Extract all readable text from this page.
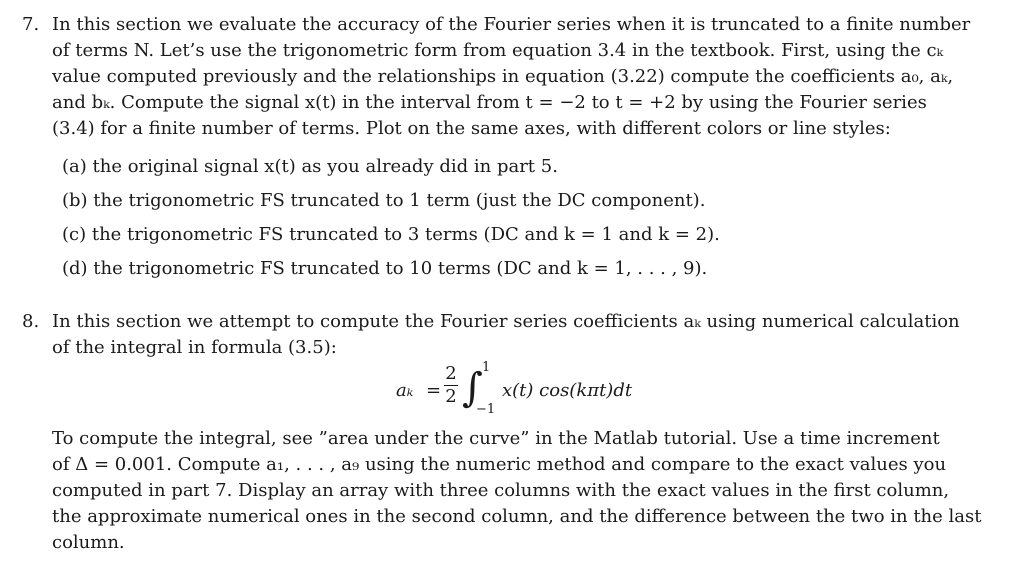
7. In this section we evaluate the accuracy of the Fourier series when it is truncated to a finite number
of terms N. Let’s use the trigonometric form from equation 3.4 in the textbook. First, using the cₖ
value computed previously and the relationships in equation (3.22) compute the coefficients a₀, aₖ,
and bₖ. Compute the signal x(t) in the interval from t = −2 to t = +2 by using the Fourier series
(3.4) for a finite number of terms. Plot on the same axes, with different colors or line styles:
(a) the original signal x(t) as you already did in part 5.
(b) the trigonometric FS truncated to 1 term (just the DC component).
(c) the trigonometric FS truncated to 3 terms (DC and k = 1 and k = 2).
(d) the trigonometric FS truncated to 10 terms (DC and k = 1, . . . , 9).
8. In this section we attempt to compute the Fourier series coefficients aₖ using numerical calculation
of the integral in formula (3.5):
aₖ =
2
2 ∫ 1
−1
x(t) cos(kπt)dt
To compute the integral, see ”area under the curve” in the Matlab tutorial. Use a time increment
of Δ = 0.001. Compute a₁, . . . , a₉ using the numeric method and compare to the exact values you
computed in part 7. Display an array with three columns with the exact values in the first column,
the approximate numerical ones in the second column, and the difference between the two in the last
column.
